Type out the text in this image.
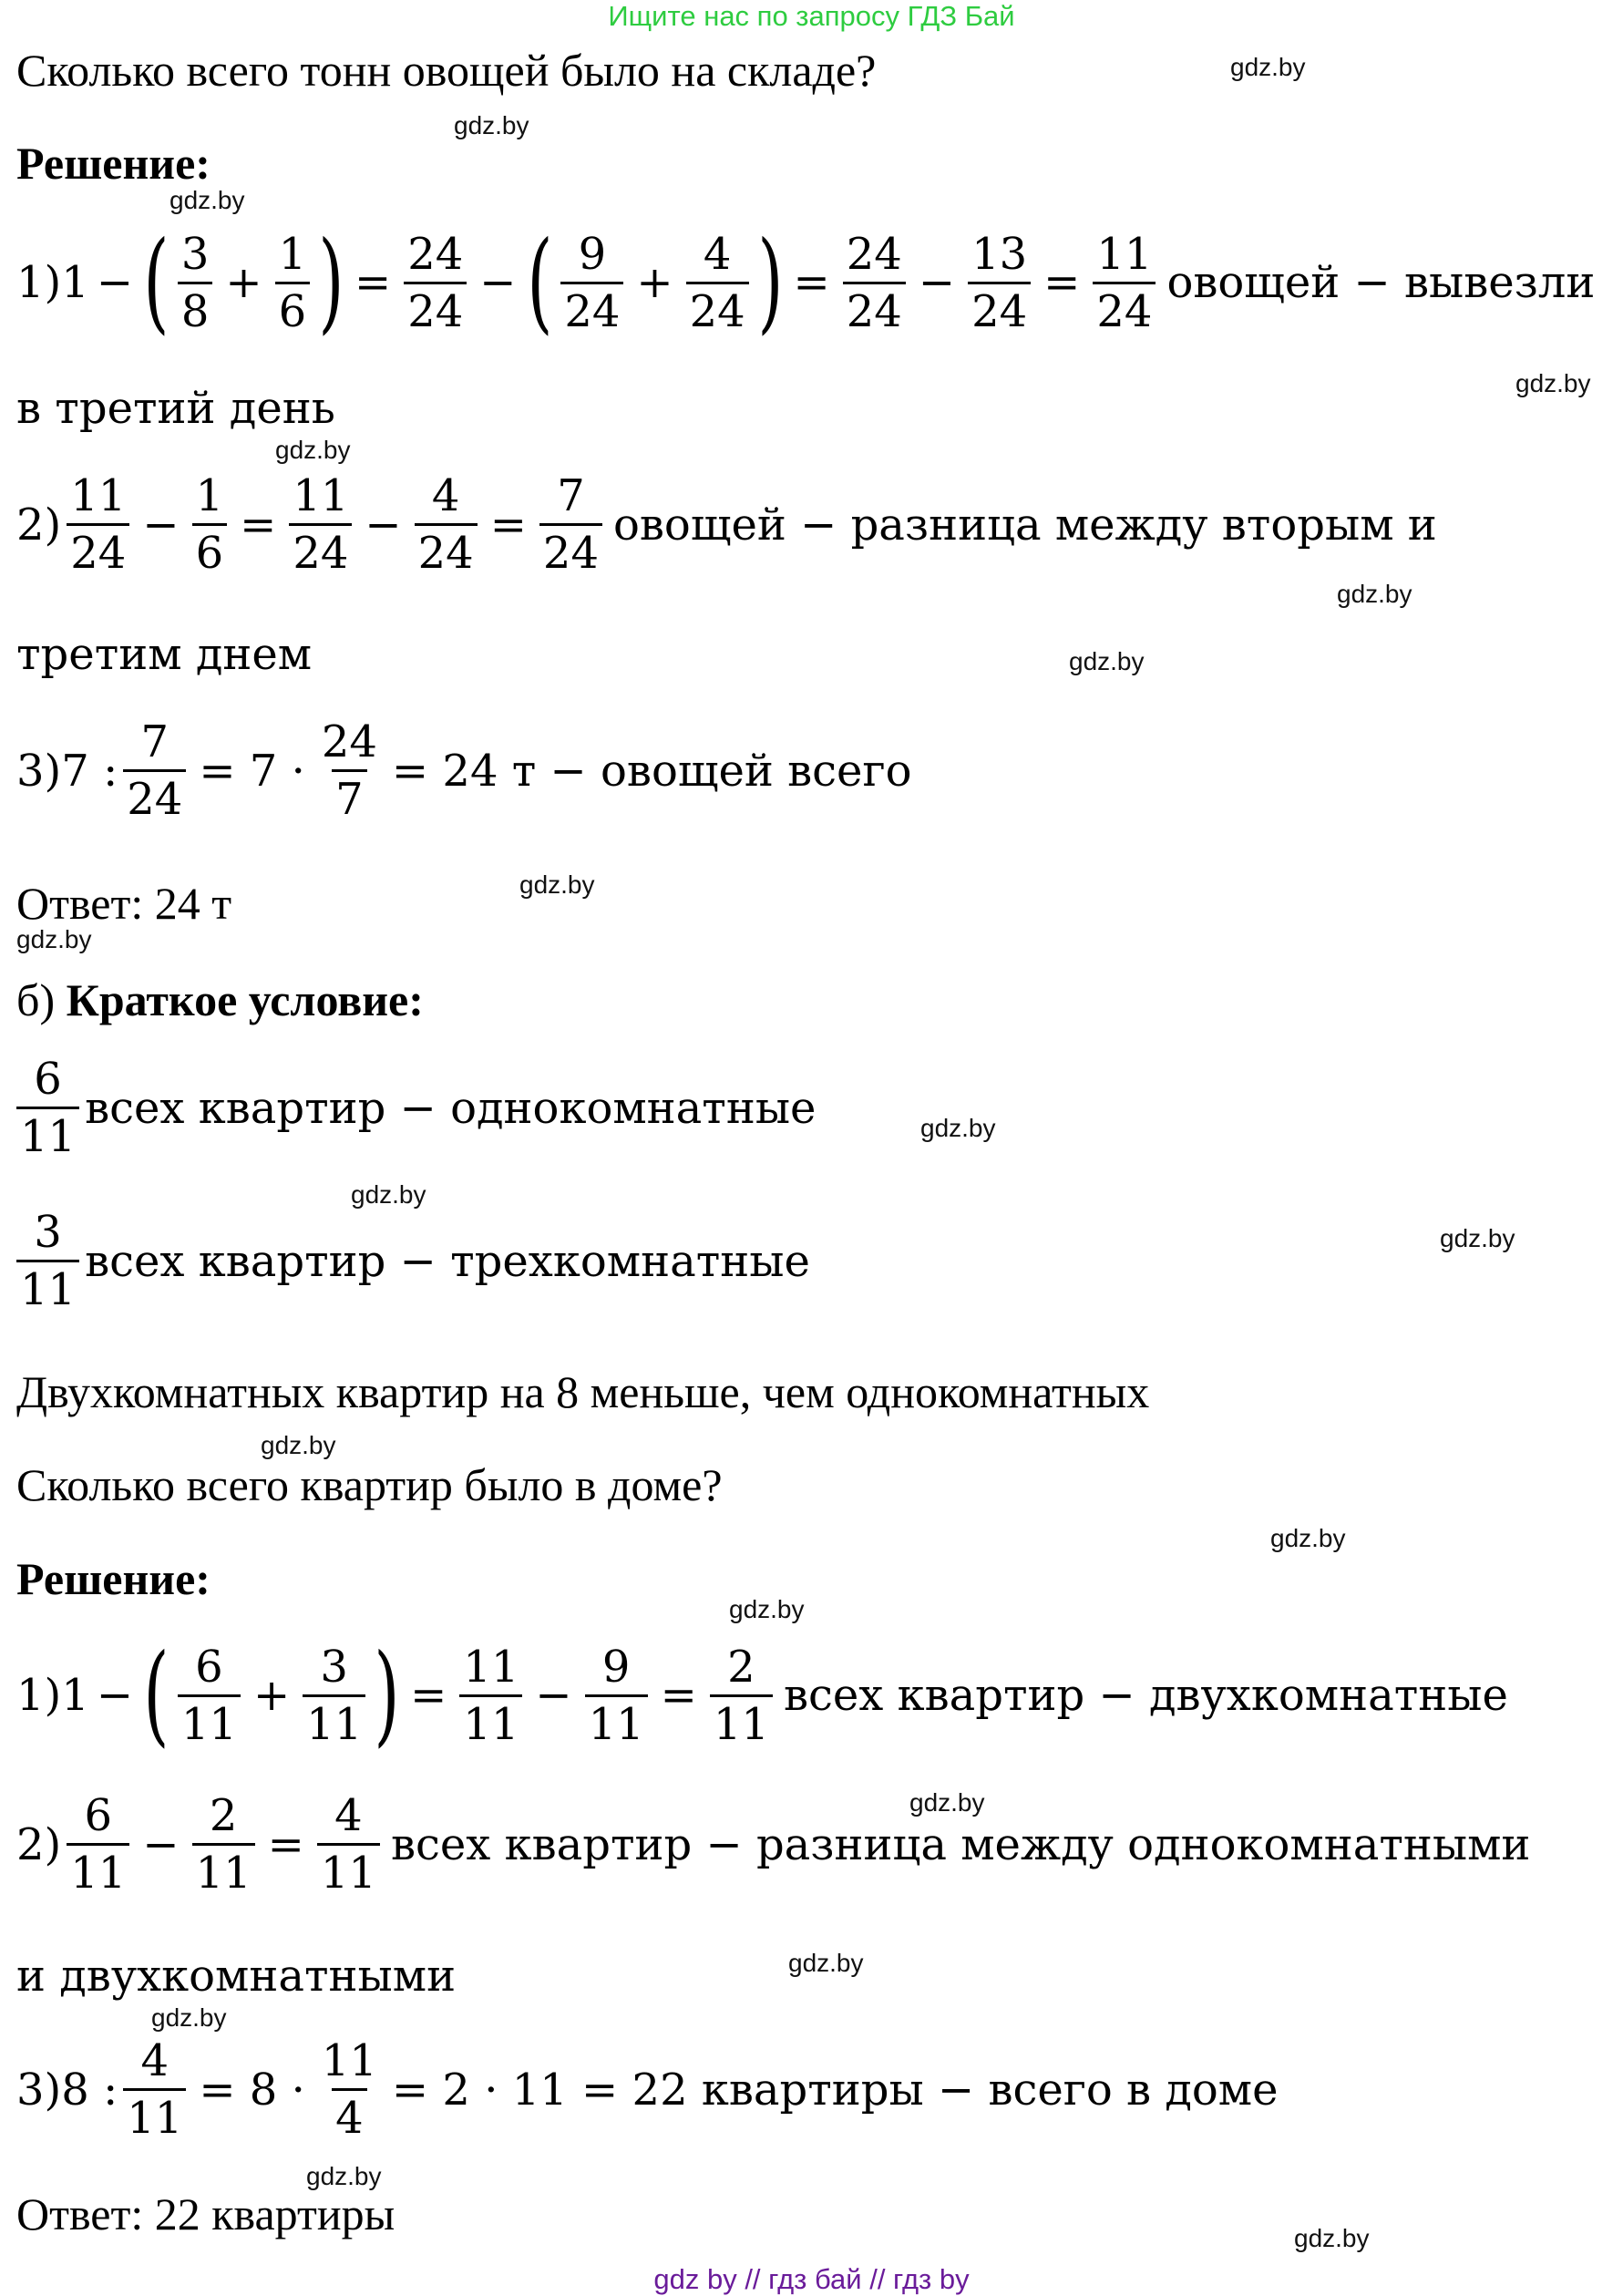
Ищите нас по запросу ГДЗ Бай
Сколько всего тонн овощей было на складе?	gdz.by
gdz.by
Решение:
gdz.by
1)1 − ( $\frac{3}{8} + \frac{1}{6}$ ) = $\frac{24}{24}$ − ( $\frac{9}{24} + \frac{4}{24}$ ) = $\frac{24}{24} - \frac{13}{24} = \frac{11}{24}$ овощей − вывезли
gdz.by
в третий день
gdz.by
$2) \frac{11}{24} - \frac{1}{6} = \frac{11}{24} - \frac{4}{24} = \frac{7}{24}$ овощей − разница между вторым и
gdz.by
третим днем	gdz.by
3)7 : $\frac{7}{24} = 7 \cdot \frac{24}{7} = 24$ т − овощей всего
Ответ: 24 т	gdz.by
gdz.by
б) Краткое условие:
$\frac{6}{11}$ всех квартир − однокомнатные	gdz.by
gdz.by
$\frac{3}{11}$ всех квартир − трехкомнатные	gdz.by
Двухкомнатных квартир на 8 меньше, чем однокомнатных
gdz.by
Сколько всего квартир было в доме?
gdz.by
Решение:
gdz.by
1)1 − ( $\frac{6}{11} + \frac{3}{11}$ ) = $\frac{11}{11} - \frac{9}{11} = \frac{2}{11}$ всех квартир − двухкомнатные
gdz.by
$2) \frac{6}{11} - \frac{2}{11} = \frac{4}{11}$ всех квартир − разница между однокомнатными
gdz.by
и двухкомнатными
gdz.by
3)8 : $\frac{4}{11} = 8 \cdot \frac{11}{4} = 2 \cdot 11 = 22$ квартиры − всего в доме
gdz.by
Ответ: 22 квартиры	gdz.by
gdz by // гдз бай // гдз by
